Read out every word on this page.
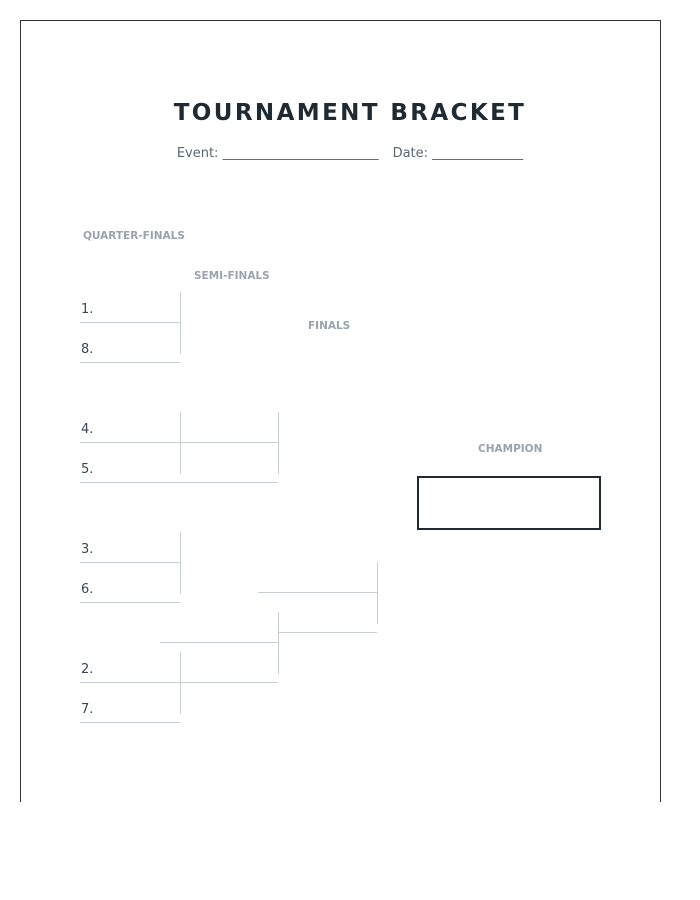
TOURNAMENT BRACKET
Event: ________________________ Date: ______________
QUARTER-FINALS
SEMI-FINALS
FINALS
CHAMPION
1.
8.
4.
5.
3.
6.
2.
7.
